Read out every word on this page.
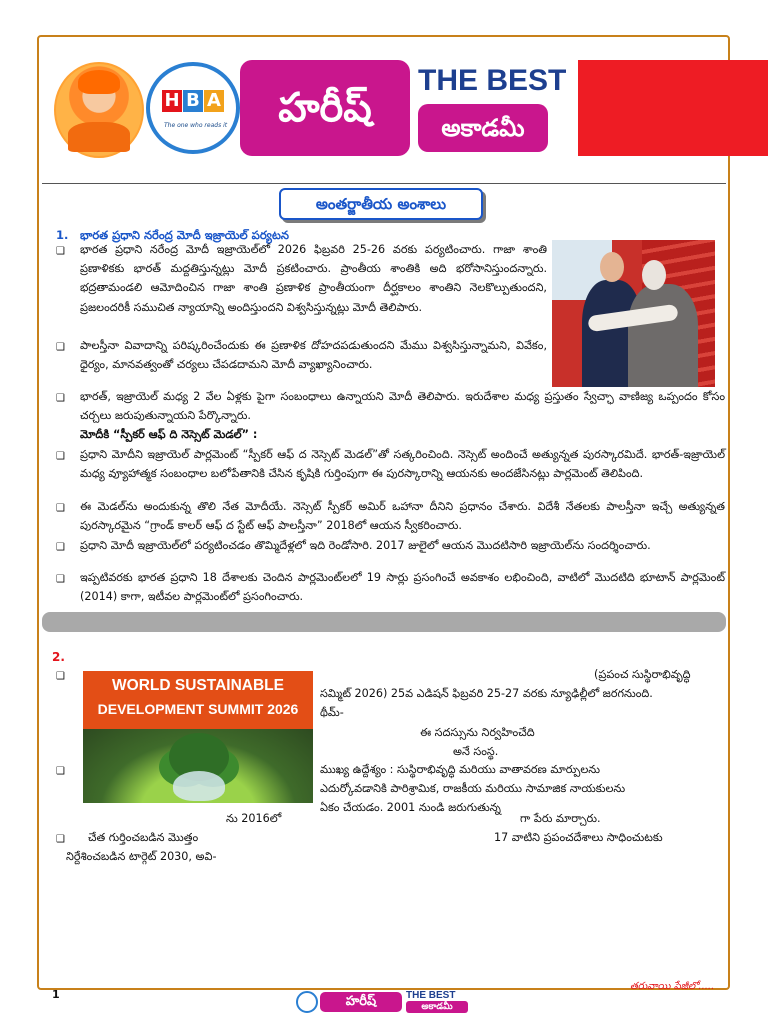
H B A
The one who reads it	హరీష్
THE BEST
అకాడమీ
అంతర్జాతీయ అంశాలు
1. భారత ప్రధాని నరేంద్ర మోదీ ఇజ్రాయెల్ పర్యటన
❑
భారత ప్రధాని నరేంద్ర మోదీ ఇజ్రాయెల్‌లో 2026 ఫిబ్రవరి 25-26 వరకు పర్యటించారు. గాజా శాంతి ప్రణాళికకు భారత్ మద్దతిస్తున్నట్లు మోదీ ప్రకటించారు. ప్రాంతీయ శాంతికి అది భరోసానిస్తుందన్నారు. భద్రతామండలి ఆమోదించిన గాజా శాంతి ప్రణాళిక ప్రాంతీయంగా దీర్ఘకాలం శాంతిని నెలకొల్పుతుందని, ప్రజలందరికీ సముచిత న్యాయాన్ని అందిస్తుందని విశ్వసిస్తున్నట్లు మోదీ తెలిపారు.
❑
పాలస్తీనా వివాదాన్ని పరిష్కరించేందుకు ఈ ప్రణాళిక దోహదపడుతుందని మేము విశ్వసిస్తున్నామని, వివేకం, ధైర్యం, మానవత్వంతో చర్యలు చేపడదామని మోదీ వ్యాఖ్యానించారు.
❑
భారత్, ఇజ్రాయెల్ మధ్య 2 వేల ఏళ్లకు పైగా సంబంధాలు ఉన్నాయని మోదీ తెలిపారు. ఇరుదేశాల మధ్య ప్రస్తుతం స్వేచ్ఛా వాణిజ్య ఒప్పందం కోసం చర్చలు జరుపుతున్నాయని పేర్కొన్నారు.
మోదీకి “స్పీకర్ ఆఫ్ ది నెస్సెట్ మెడల్” :
❑
ప్రధాని మోదీని ఇజ్రాయెల్ పార్లమెంట్ “స్పీకర్ ఆఫ్ ద నెస్సెట్ మెడల్”తో సత్కరించింది. నెస్సెట్ అందించే అత్యున్నత పురస్కారమిదే. భారత్-ఇజ్రాయెల్ మధ్య వ్యూహాత్మక సంబంధాల బలోపేతానికి చేసిన కృషికి గుర్తింపుగా ఈ పురస్కారాన్ని ఆయనకు అందజేసినట్లు పార్లమెంట్ తెలిపింది.
❑
ఈ మెడల్‌ను అందుకున్న తొలి నేత మోదీయే. నెస్సెట్ స్పీకర్ అమిర్ ఒహానా దీనిని ప్రధానం చేశారు. విదేశీ నేతలకు పాలస్తీనా ఇచ్చే అత్యున్నత పురస్కారమైన “గ్రాండ్ కాలర్ ఆఫ్ ద స్టేట్ ఆఫ్ పాలస్తీనా” 2018లో ఆయన స్వీకరించారు.
❑
ప్రధాని మోదీ ఇజ్రాయెల్‌లో పర్యటించడం తొమ్మిదేళ్లలో ఇది రెండోసారి. 2017 జులైలో ఆయన మొదటిసారి ఇజ్రాయెల్‌ను సందర్శించారు.
❑
ఇప్పటివరకు భారత ప్రధాని 18 దేశాలకు చెందిన పార్లమెంట్‌లలో 19 సార్లు ప్రసంగించే అవకాశం లభించింది, వాటిలో మొదటిది భూటాన్ పార్లమెంట్ (2014) కాగా, ఇటీవల పార్లమెంట్‌లో ప్రసంగించారు.
2.
WORLD SUSTAINABLE
DEVELOPMENT SUMMIT 2026
❑
(ప్రపంచ సుస్థిరాభివృద్ధి
సమ్మిట్ 2026) 25వ ఎడిషన్ ఫిబ్రవరి 25-27 వరకు న్యూఢిల్లీలో జరగనుంది.
థీమ్-
ఈ సదస్సును నిర్వహించేది
అనే సంస్థ.
❑
ముఖ్య ఉద్దేశ్యం : సుస్థిరాభివృద్ధి మరియు వాతావరణ మార్పులను
ఎదుర్కోవడానికి పారిశ్రామిక, రాజకీయ మరియు సామాజిక నాయకులను
ఏకం చేయడం. 2001 నుండి జరుగుతున్న
ను 2016లో	గా పేరు మార్చారు.
❑
చేత గుర్తించబడిన మొత్తం	17 వాటిని ప్రపంచదేశాలు సాధించుటకు
నిర్దేశించబడిన టార్గెట్ 2030, అవి-
తరువాయి పేజీలో.....
1	హరీష్	THE BEST
అకాడమీ
